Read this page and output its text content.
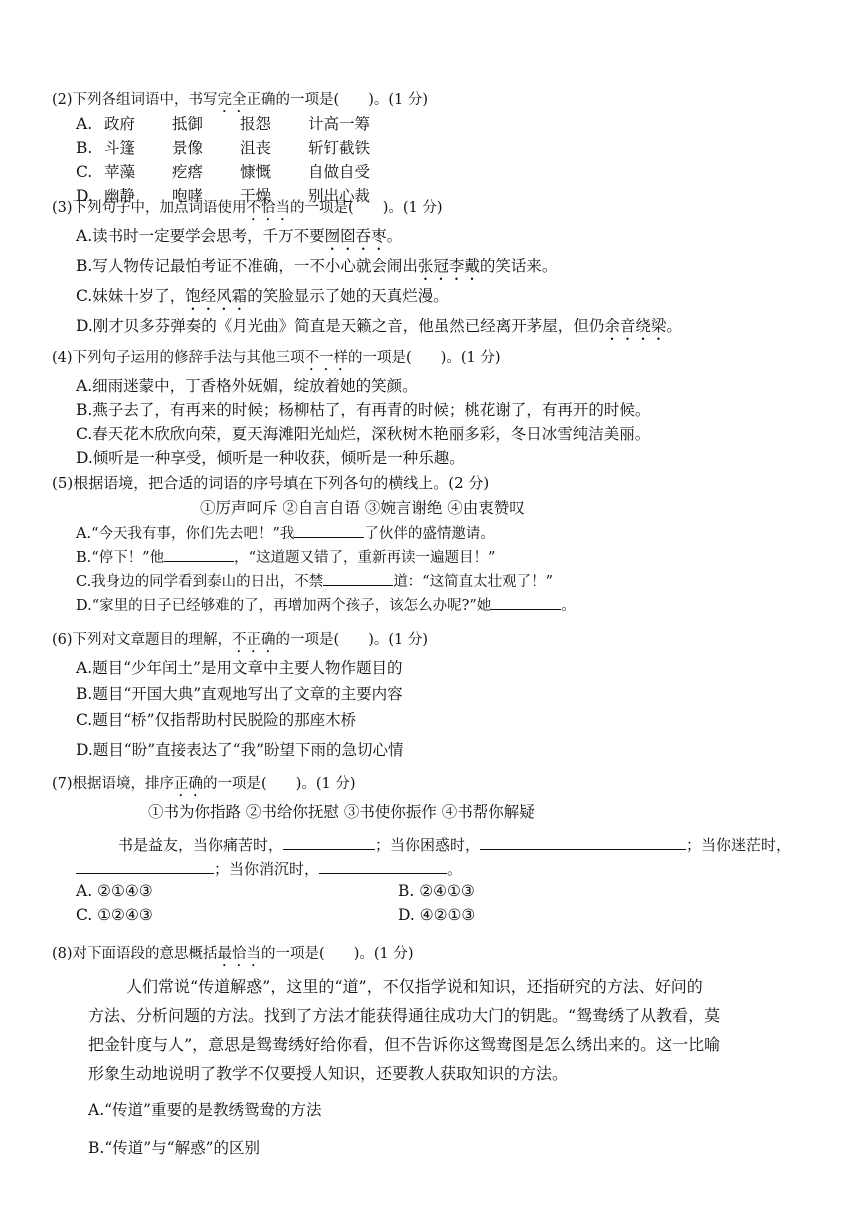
(2)下列各组词语中，书写完全正确的一项是(　　)。(1 分)
A. 政府 抵御 报怨 计高一筹
B. 斗篷 景像 沮丧 斩钉截铁
C. 苹藻 疙瘩 慷慨 自做自受
D. 幽静 咆哮 干燥 别出心裁
(3)下列句子中，加点词语使用不恰当的一项是(　　)。(1 分)
A.读书时一定要学会思考，千万不要囫囵吞枣。
B.写人物传记最怕考证不准确，一不小心就会闹出张冠李戴的笑话来。
C.妹妹十岁了，饱经风霜的笑脸显示了她的天真烂漫。
D.刚才贝多芬弹奏的《月光曲》简直是天籁之音，他虽然已经离开茅屋，但仍余音绕梁。
(4)下列句子运用的修辞手法与其他三项不一样的一项是(　　)。(1 分)
A.细雨迷蒙中，丁香格外妩媚，绽放着她的笑颜。
B.燕子去了，有再来的时候；杨柳枯了，有再青的时候；桃花谢了，有再开的时候。
C.春天花木欣欣向荣，夏天海滩阳光灿烂，深秋树木艳丽多彩，冬日冰雪纯洁美丽。
D.倾听是一种享受，倾听是一种收获，倾听是一种乐趣。
(5)根据语境，把合适的词语的序号填在下列各句的横线上。(2 分)
①厉声呵斥 ②自言自语 ③婉言谢绝 ④由衷赞叹
A.“今天我有事，你们先去吧！”我	了伙伴的盛情邀请。
B.“停下！”他	，“这道题又错了，重新再读一遍题目！”
C.我身边的同学看到泰山的日出，不禁	道：“这简直太壮观了！”
D.“家里的日子已经够难的了，再增加两个孩子，该怎么办呢?”她	。
(6)下列对文章题目的理解，不正确的一项是(　　)。(1 分)
A.题目“少年闰土”是用文章中主要人物作题目的
B.题目“开国大典”直观地写出了文章的主要内容
C.题目“桥”仅指帮助村民脱险的那座木桥
D.题目“盼”直接表达了“我”盼望下雨的急切心情
(7)根据语境，排序正确的一项是(　　)。(1 分)
①书为你指路 ②书给你抚慰 ③书使你振作 ④书帮你解疑
书是益友，当你痛苦时，	；当你困惑时，	；当你迷茫时，
；当你消沉时，	。
A. ②①④③	B. ②④①③
C. ①②④③	D. ④②①③
(8)对下面语段的意思概括最恰当的一项是(　　)。(1 分)
人们常说“传道解惑”，这里的“道”，不仅指学说和知识，还指研究的方法、好问的
方法、分析问题的方法。找到了方法才能获得通往成功大门的钥匙。“鸳鸯绣了从教看，莫
把金针度与人”，意思是鸳鸯绣好给你看，但不告诉你这鸳鸯图是怎么绣出来的。这一比喻
形象生动地说明了教学不仅要授人知识，还要教人获取知识的方法。
A.“传道”重要的是教绣鸳鸯的方法
B.“传道”与“解惑”的区别
